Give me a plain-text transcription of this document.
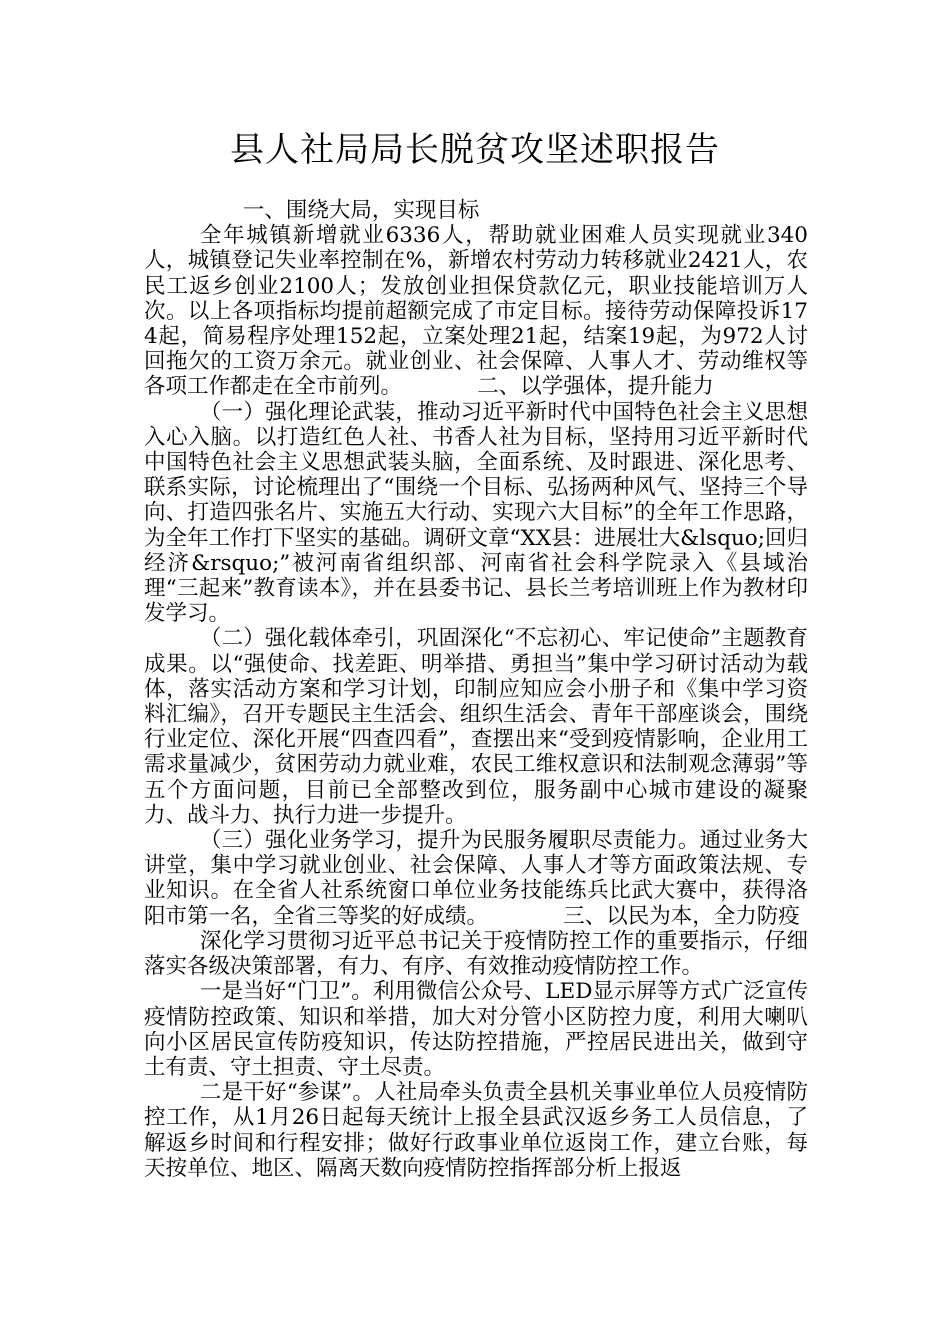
县人社局局长脱贫攻坚述职报告

一、围绕大局，实现目标

全年城镇新增就业6336人，帮助就业困难人员实现就业340人，城镇登记失业率控制在%，新增农村劳动力转移就业2421人，农民工返乡创业2100人；发放创业担保贷款亿元，职业技能培训万人次。以上各项指标均提前超额完成了市定目标。接待劳动保障投诉174起，简易程序处理152起，立案处理21起，结案19起，为972人讨回拖欠的工资万余元。就业创业、社会保障、人事人才、劳动维权等各项工作都走在全市前列。　　　　二、以学强体，提升能力

（一）强化理论武装，推动习近平新时代中国特色社会主义思想入心入脑。以打造红色人社、书香人社为目标，坚持用习近平新时代中国特色社会主义思想武装头脑，全面系统、及时跟进、深化思考、联系实际，讨论梳理出了“围绕一个目标、弘扬两种风气、坚持三个导向、打造四张名片、实施五大行动、实现六大目标”的全年工作思路，为全年工作打下坚实的基础。调研文章“XX县：进展壮大&lsquo;回归经济&rsquo;”被河南省组织部、河南省社会科学院录入《县域治理“三起来”教育读本》，并在县委书记、县长兰考培训班上作为教材印发学习。

（二）强化载体牵引，巩固深化“不忘初心、牢记使命”主题教育成果。以“强使命、找差距、明举措、勇担当”集中学习研讨活动为载体，落实活动方案和学习计划，印制应知应会小册子和《集中学习资料汇编》，召开专题民主生活会、组织生活会、青年干部座谈会，围绕行业定位、深化开展“四查四看”，查摆出来“受到疫情影响，企业用工需求量减少，贫困劳动力就业难，农民工维权意识和法制观念薄弱”等五个方面问题，目前已全部整改到位，服务副中心城市建设的凝聚力、战斗力、执行力进一步提升。

（三）强化业务学习，提升为民服务履职尽责能力。通过业务大讲堂，集中学习就业创业、社会保障、人事人才等方面政策法规、专业知识。在全省人社系统窗口单位业务技能练兵比武大赛中，获得洛阳市第一名，全省三等奖的好成绩。　　　　三、以民为本，全力防疫

深化学习贯彻习近平总书记关于疫情防控工作的重要指示，仔细落实各级决策部署，有力、有序、有效推动疫情防控工作。

一是当好“门卫”。利用微信公众号、LED显示屏等方式广泛宣传疫情防控政策、知识和举措，加大对分管小区防控力度，利用大喇叭向小区居民宣传防疫知识，传达防控措施，严控居民进出关，做到守土有责、守土担责、守土尽责。

二是干好“参谋”。人社局牵头负责全县机关事业单位人员疫情防控工作，从1月26日起每天统计上报全县武汉返乡务工人员信息，了解返乡时间和行程安排；做好行政事业单位返岗工作，建立台账，每天按单位、地区、隔离天数向疫情防控指挥部分析上报返
